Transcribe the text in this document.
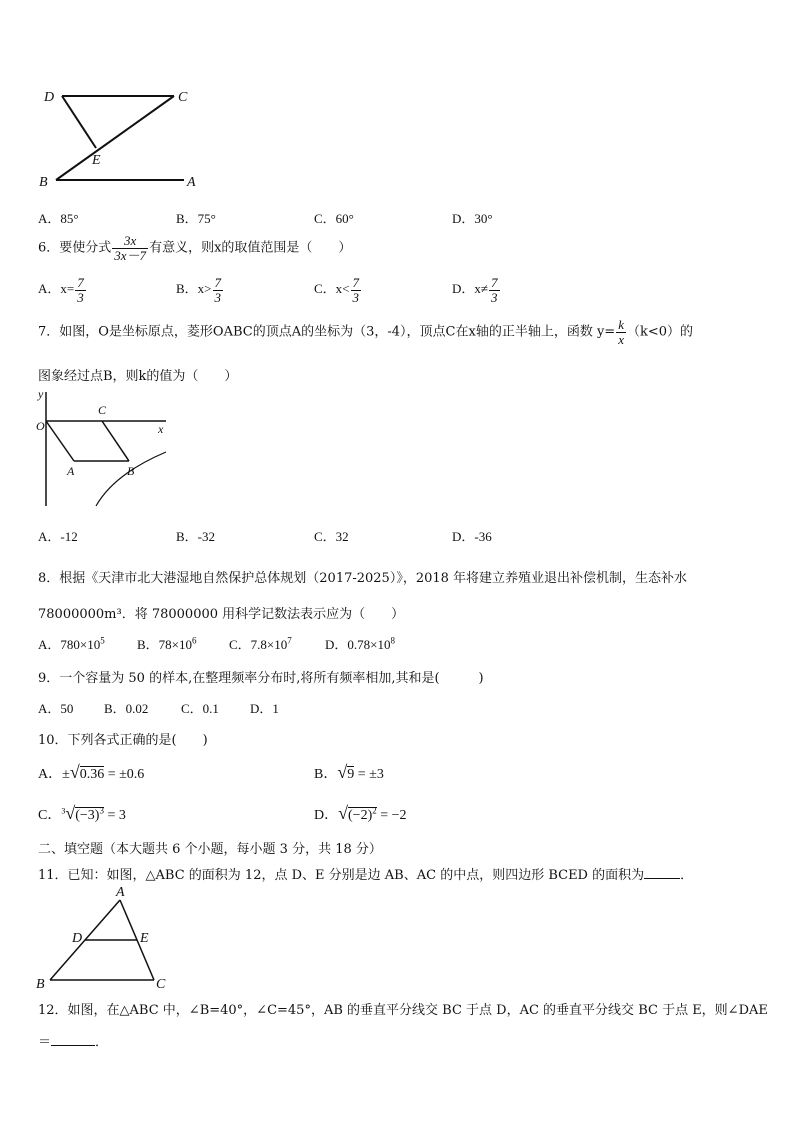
D	C
E
B	A
A．85°	B．75°	C．60°	D．30°
6．要使分式 $\frac{3x}{3x-7}$ 有意义，则x的取值范围是（　　）
A．$x= \frac{7}{3}$	B．$x> \frac{7}{3}$	C．$x< \frac{7}{3}$	D．$x\ne \frac{7}{3}$
7．如图，O是坐标原点，菱形OABC的顶点A的坐标为（3，-4），顶点C在x轴的正半轴上，函数 $y= \frac{k}{x} (k<0)$的
图象经过点B，则k的值为（　　）
y
O
C
x
A	B
A．-12	B．-32	C．32	D．-36
8．根据《天津市北大港湿地自然保护总体规划（2017-2025）》，2018 年将建立养殖业退出补偿机制，生态补水
78000000m³．将 78000000 用科学记数法表示应为（　　）
A．$780\times 10^5$ B．$78\times 10^6$ C．$7.8\times 10^7$	D．$0.78\times 10^8$
9．一个容量为 50 的样本,在整理频率分布时,将所有频率相加,其和是(　　　)
A．50 B．0.02	C．0.1 D．1
10．下列各式正确的是(　　)
A．±√0.36 = ±0.6	B．√9 = ±3
C．$^3√(-3)^3 = 3$	D．$√(-2)^2 = -2$
二、填空题（本大题共 6 个小题，每小题 3 分，共 18 分）
11．已知：如图，△ABC 的面积为 12，点 D、E 分别是边 AB、AC 的中点，则四边形 BCED 的面积为	．
A
D	E
B	C
12．如图，在△ABC 中，∠B=40°，∠C=45°，AB 的垂直平分线交 BC 于点 D，AC 的垂直平分线交 BC 于点 E，则∠DAE
＝	．
